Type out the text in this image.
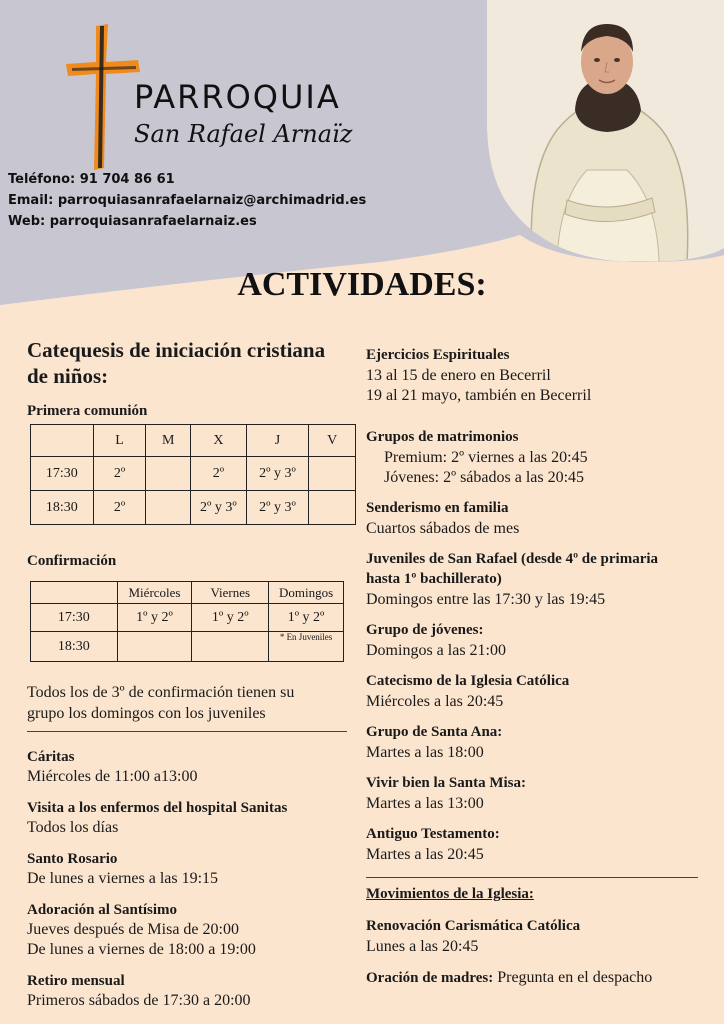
PARROQUIA
San Rafael Arnaïz
Teléfono: 91 704 86 61
Email: parroquiasanrafaelarnaiz@archimadrid.es
Web: parroquiasanrafaelarnaiz.es
ACTIVIDADES:
Catequesis de iniciación cristiana
de niños:
Primera comunión
	L	M	X	J	V
17:30	2º		2º	2º y 3º	
18:30	2º		2º y 3º	2º y 3º	
Confirmación
	Miércoles	Viernes	Domingos
17:30	1º y 2º	1º y 2º	1º y 2º
18:30			* En Juveniles
Todos los de 3º de confirmación tienen su
grupo los domingos con los juveniles
Cáritas
Miércoles de 11:00 a13:00
Visita a los enfermos del hospital Sanitas
Todos los días
Santo Rosario
De lunes a viernes a las 19:15
Adoración al Santísimo
Jueves después de Misa de 20:00
De lunes a viernes de 18:00 a 19:00
Retiro mensual
Primeros sábados de 17:30 a 20:00
Ejercicios Espirituales
13 al 15 de enero en Becerril
19 al 21 mayo, también en Becerril
Grupos de matrimonios
Premium: 2º viernes a las 20:45
Jóvenes: 2º sábados a las 20:45
Senderismo en familia
Cuartos sábados de mes
Juveniles de San Rafael (desde 4º de primaria
hasta 1º bachillerato)
Domingos entre las 17:30 y las 19:45
Grupo de jóvenes:
Domingos a las 21:00
Catecismo de la Iglesia Católica
Miércoles a las 20:45
Grupo de Santa Ana:
Martes a las 18:00
Vivir bien la Santa Misa:
Martes a las 13:00
Antiguo Testamento:
Martes a las 20:45
Movimientos de la Iglesia:
Renovación Carismática Católica
Lunes a las 20:45
Oración de madres: Pregunta en el despacho
